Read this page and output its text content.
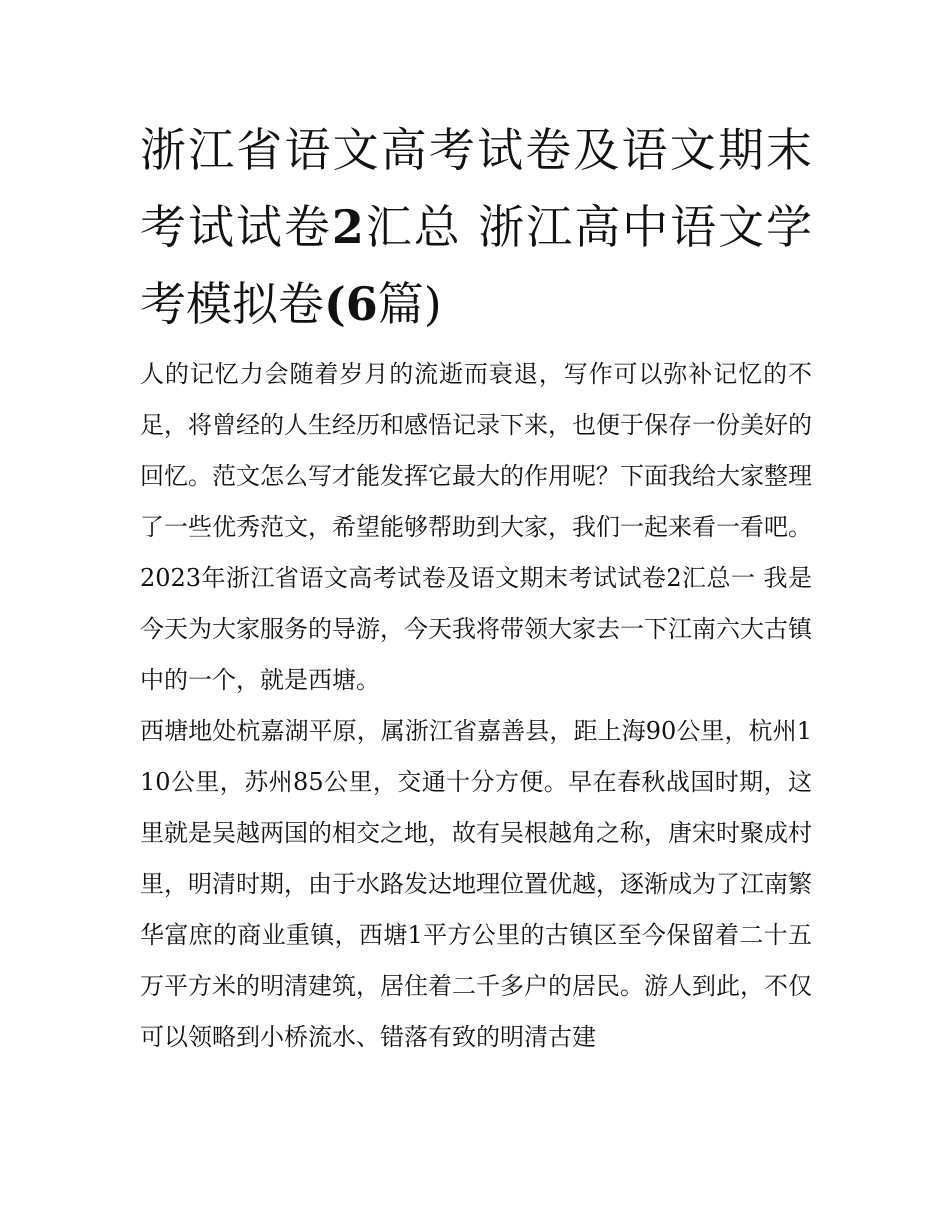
浙江省语文高考试卷及语文期末考试试卷2汇总 浙江高中语文学考模拟卷(6篇)

人的记忆力会随着岁月的流逝而衰退，写作可以弥补记忆的不足，将曾经的人生经历和感悟记录下来，也便于保存一份美好的回忆。范文怎么写才能发挥它最大的作用呢？下面我给大家整理了一些优秀范文，希望能够帮助到大家，我们一起来看一看吧。

2023年浙江省语文高考试卷及语文期末考试试卷2汇总一 我是今天为大家服务的导游，今天我将带领大家去一下江南六大古镇中的一个，就是西塘。

西塘地处杭嘉湖平原，属浙江省嘉善县，距上海90公里，杭州110公里，苏州85公里，交通十分方便。早在春秋战国时期，这里就是吴越两国的相交之地，故有吴根越角之称，唐宋时聚成村里，明清时期，由于水路发达地理位置优越，逐渐成为了江南繁华富庶的商业重镇，西塘1平方公里的古镇区至今保留着二十五万平方米的明清建筑，居住着二千多户的居民。游人到此，不仅可以领略到小桥流水、错落有致的明清古建
